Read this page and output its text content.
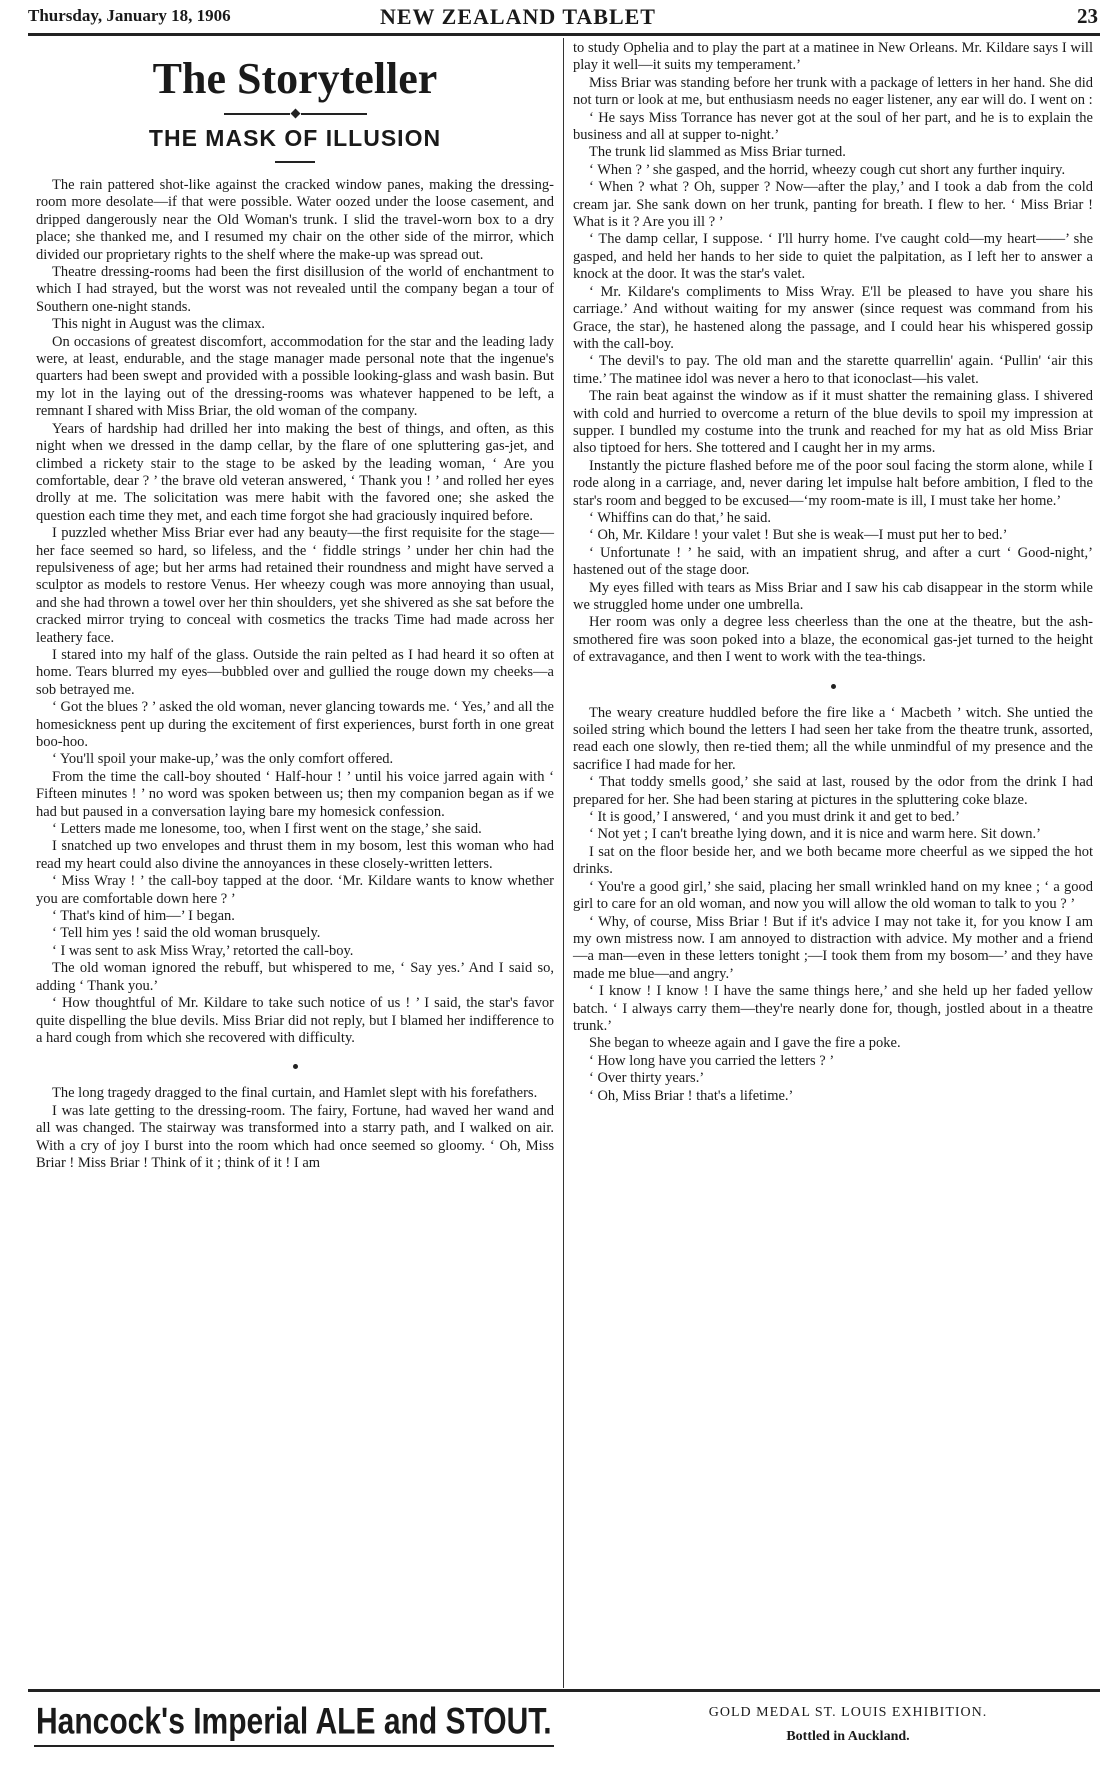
Thursday, January 18, 1906	NEW ZEALAND TABLET	23
The Storyteller
THE MASK OF ILLUSION

The rain pattered shot-like against the cracked window panes, making the dressing-room more desolate—if that were possible. Water oozed under the loose casement, and dripped dangerously near the Old Woman's trunk. I slid the travel-worn box to a dry place; she thanked me, and I resumed my chair on the other side of the mirror, which divided our proprietary rights to the shelf where the make-up was spread out.

Theatre dressing-rooms had been the first disillusion of the world of enchantment to which I had strayed, but the worst was not revealed until the company began a tour of Southern one-night stands.

This night in August was the climax.

On occasions of greatest discomfort, accommodation for the star and the leading lady were, at least, endurable, and the stage manager made personal note that the ingenue's quarters had been swept and provided with a possible looking-glass and wash basin. But my lot in the laying out of the dressing-rooms was whatever happened to be left, a remnant I shared with Miss Briar, the old woman of the company.

Years of hardship had drilled her into making the best of things, and often, as this night when we dressed in the damp cellar, by the flare of one spluttering gas-jet, and climbed a rickety stair to the stage to be asked by the leading woman, ‘ Are you comfortable, dear ? ’ the brave old veteran answered, ‘ Thank you ! ’ and rolled her eyes drolly at me. The solicitation was mere habit with the favored one; she asked the question each time they met, and each time forgot she had graciously inquired before.

I puzzled whether Miss Briar ever had any beauty—the first requisite for the stage—her face seemed so hard, so lifeless, and the ‘ fiddle strings ’ under her chin had the repulsiveness of age; but her arms had retained their roundness and might have served a sculptor as models to restore Venus. Her wheezy cough was more annoying than usual, and she had thrown a towel over her thin shoulders, yet she shivered as she sat before the cracked mirror trying to conceal with cosmetics the tracks Time had made across her leathery face.

I stared into my half of the glass. Outside the rain pelted as I had heard it so often at home. Tears blurred my eyes—bubbled over and gullied the rouge down my cheeks—a sob betrayed me.

‘ Got the blues ? ’ asked the old woman, never glancing towards me. ‘ Yes,’ and all the homesickness pent up during the excitement of first experiences, burst forth in one great boo-hoo.

‘ You'll spoil your make-up,’ was the only comfort offered.

From the time the call-boy shouted ‘ Half-hour ! ’ until his voice jarred again with ‘ Fifteen minutes ! ’ no word was spoken between us; then my companion began as if we had but paused in a conversation laying bare my homesick confession.

‘ Letters made me lonesome, too, when I first went on the stage,’ she said.

I snatched up two envelopes and thrust them in my bosom, lest this woman who had read my heart could also divine the annoyances in these closely-written letters.

‘ Miss Wray ! ’ the call-boy tapped at the door. ‘Mr. Kildare wants to know whether you are comfortable down here ? ’

‘ That's kind of him—’ I began.

‘ Tell him yes ! said the old woman brusquely.

‘ I was sent to ask Miss Wray,’ retorted the call-boy.

The old woman ignored the rebuff, but whispered to me, ‘ Say yes.’ And I said so, adding ‘ Thank you.’

‘ How thoughtful of Mr. Kildare to take such notice of us ! ’ I said, the star's favor quite dispelling the blue devils. Miss Briar did not reply, but I blamed her indifference to a hard cough from which she recovered with difficulty.

The long tragedy dragged to the final curtain, and Hamlet slept with his forefathers.

I was late getting to the dressing-room. The fairy, Fortune, had waved her wand and all was changed. The stairway was transformed into a starry path, and I walked on air. With a cry of joy I burst into the room which had once seemed so gloomy. ‘ Oh, Miss Briar ! Miss Briar ! Think of it ; think of it ! I am

to study Ophelia and to play the part at a matinee in New Orleans. Mr. Kildare says I will play it well—it suits my temperament.’

Miss Briar was standing before her trunk with a package of letters in her hand. She did not turn or look at me, but enthusiasm needs no eager listener, any ear will do. I went on :

‘ He says Miss Torrance has never got at the soul of her part, and he is to explain the business and all at supper to-night.’

The trunk lid slammed as Miss Briar turned.

‘ When ? ’ she gasped, and the horrid, wheezy cough cut short any further inquiry.

‘ When ? what ? Oh, supper ? Now—after the play,’ and I took a dab from the cold cream jar. She sank down on her trunk, panting for breath. I flew to her. ‘ Miss Briar ! What is it ? Are you ill ? ’

‘ The damp cellar, I suppose. ‘ I'll hurry home. I've caught cold—my heart——’ she gasped, and held her hands to her side to quiet the palpitation, as I left her to answer a knock at the door. It was the star's valet.

‘ Mr. Kildare's compliments to Miss Wray. E'll be pleased to have you share his carriage.’ And without waiting for my answer (since request was command from his Grace, the star), he hastened along the passage, and I could hear his whispered gossip with the call-boy.

‘ The devil's to pay. The old man and the starette quarrellin' again. ‘Pullin' ‘air this time.’ The matinee idol was never a hero to that iconoclast—his valet.

The rain beat against the window as if it must shatter the remaining glass. I shivered with cold and hurried to overcome a return of the blue devils to spoil my impression at supper. I bundled my costume into the trunk and reached for my hat as old Miss Briar also tiptoed for hers. She tottered and I caught her in my arms.

Instantly the picture flashed before me of the poor soul facing the storm alone, while I rode along in a carriage, and, never daring let impulse halt before ambition, I fled to the star's room and begged to be excused—‘my room-mate is ill, I must take her home.’

‘ Whiffins can do that,’ he said.

‘ Oh, Mr. Kildare ! your valet ! But she is weak—I must put her to bed.’

‘ Unfortunate ! ’ he said, with an impatient shrug, and after a curt ‘ Good-night,’ hastened out of the stage door.

My eyes filled with tears as Miss Briar and I saw his cab disappear in the storm while we struggled home under one umbrella.

Her room was only a degree less cheerless than the one at the theatre, but the ash-smothered fire was soon poked into a blaze, the economical gas-jet turned to the height of extravagance, and then I went to work with the tea-things.

The weary creature huddled before the fire like a ‘ Macbeth ’ witch. She untied the soiled string which bound the letters I had seen her take from the theatre trunk, assorted, read each one slowly, then re-tied them; all the while unmindful of my presence and the sacrifice I had made for her.

‘ That toddy smells good,’ she said at last, roused by the odor from the drink I had prepared for her. She had been staring at pictures in the spluttering coke blaze.

‘ It is good,’ I answered, ‘ and you must drink it and get to bed.’

‘ Not yet ; I can't breathe lying down, and it is nice and warm here. Sit down.’

I sat on the floor beside her, and we both became more cheerful as we sipped the hot drinks.

‘ You're a good girl,’ she said, placing her small wrinkled hand on my knee ; ‘ a good girl to care for an old woman, and now you will allow the old woman to talk to you ? ’

‘ Why, of course, Miss Briar ! But if it's advice I may not take it, for you know I am my own mistress now. I am annoyed to distraction with advice. My mother and a friend—a man—even in these letters tonight ;—I took them from my bosom—’ and they have made me blue—and angry.’

‘ I know ! I know ! I have the same things here,’ and she held up her faded yellow batch. ‘ I always carry them—they're nearly done for, though, jostled about in a theatre trunk.’

She began to wheeze again and I gave the fire a poke.

‘ How long have you carried the letters ? ’

‘ Over thirty years.’

‘ Oh, Miss Briar ! that's a lifetime.’

Hancock's Imperial ALE and STOUT.	GOLD MEDAL ST. LOUIS EXHIBITION.
Bottled in Auckland.
